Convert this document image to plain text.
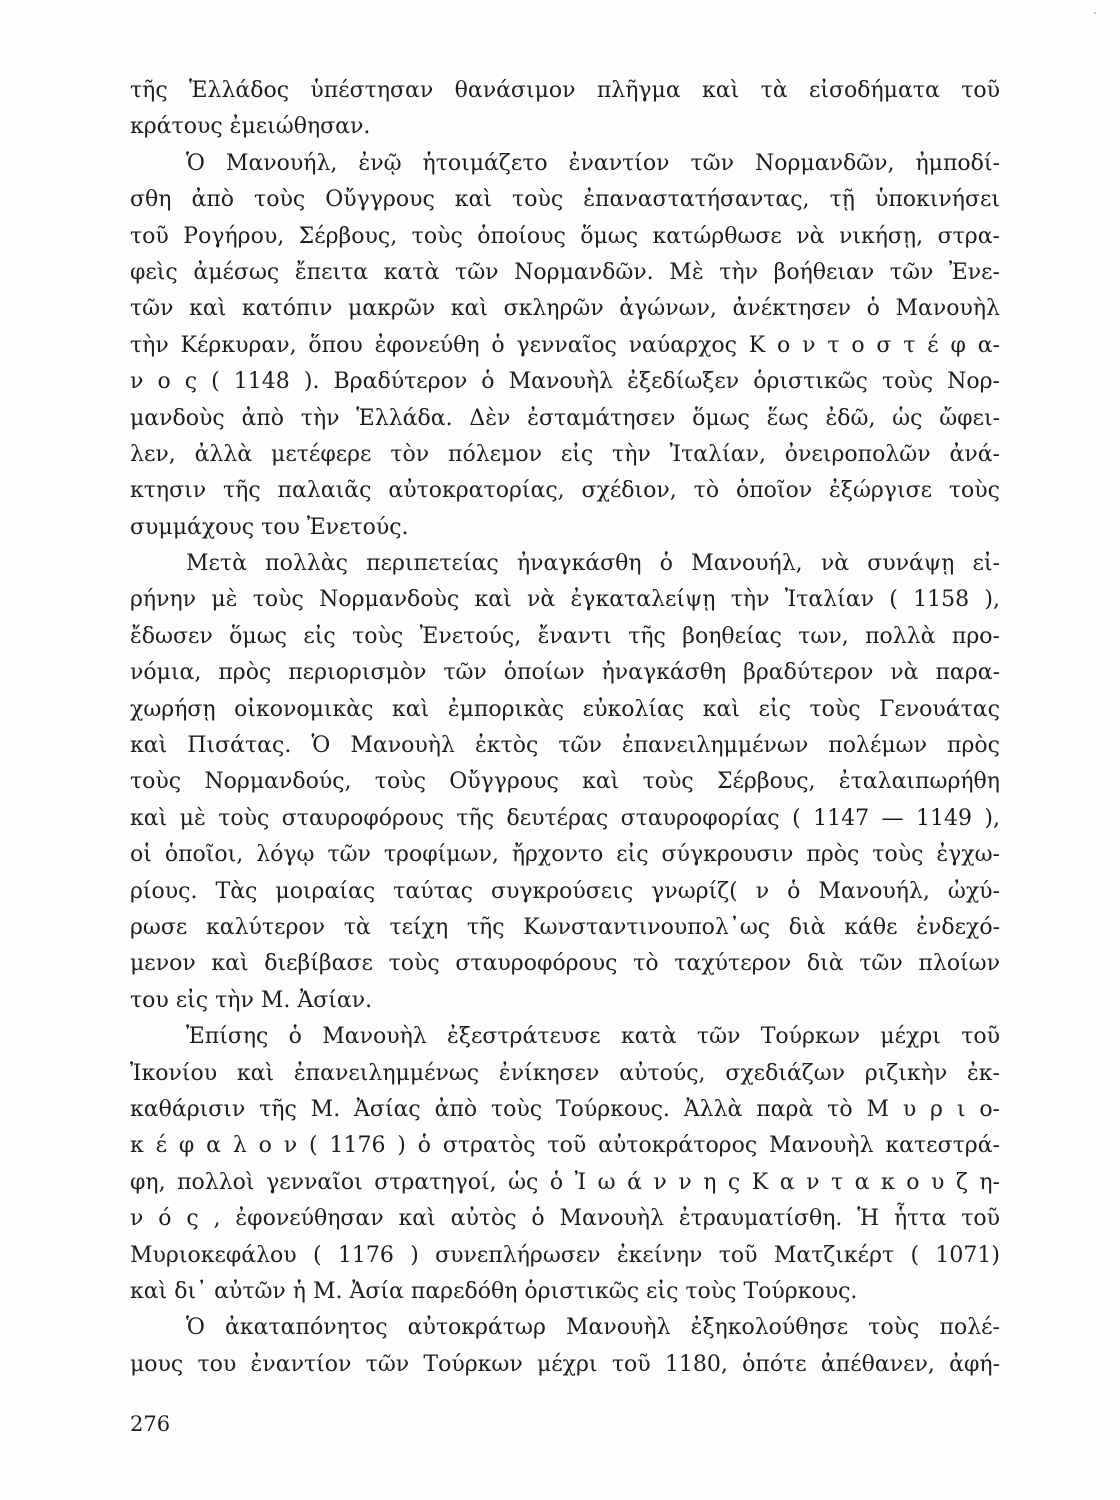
τῆς Ἑλλάδος ὑπέστησαν θανάσιμον πλῆγμα καὶ τὰ εἰσοδήματα τοῦ
κράτους ἐμειώθησαν.
Ὁ Μανουήλ, ἐνῷ ἡτοιμάζετο ἐναντίον τῶν Νορμανδῶν, ἠμποδί-
σθη ἀπὸ τοὺς Οὔγγρους καὶ τοὺς ἐπαναστατήσαντας, τῇ ὑποκινήσει
τοῦ Ρογήρου, Σέρβους, τοὺς ὁποίους ὅμως κατώρθωσε νὰ νικήσῃ, στρα-
φεὶς ἀμέσως ἔπειτα κατὰ τῶν Νορμανδῶν. Μὲ τὴν βοήθειαν τῶν Ἐνε-
τῶν καὶ κατόπιν μακρῶν καὶ σκληρῶν ἀγώνων, ἀνέκτησεν ὁ Μανουὴλ
τὴν Κέρκυραν, ὅπου ἐφονεύθη ὁ γενναῖος ναύαρχος Κ ο ν τ ο σ τ έ φ α-
ν ο ς ( 1148 ). Βραδύτερον ὁ Μανουὴλ ἐξεδίωξεν ὁριστικῶς τοὺς Νορ-
μανδοὺς ἀπὸ τὴν Ἑλλάδα. Δὲν ἐσταμάτησεν ὅμως ἕως ἐδῶ, ὡς ὤφει-
λεν, ἀλλὰ μετέφερε τὸν πόλεμον εἰς τὴν Ἰταλίαν, ὀνειροπολῶν ἀνά-
κτησιν τῆς παλαιᾶς αὐτοκρατορίας, σχέδιον, τὸ ὁποῖον ἐξώργισε τοὺς
συμμάχους του Ἐνετούς.
Μετὰ πολλὰς περιπετείας ἠναγκάσθη ὁ Μανουήλ, νὰ συνάψῃ εἰ-
ρήνην μὲ τοὺς Νορμανδοὺς καὶ νὰ ἐγκαταλείψῃ τὴν Ἰταλίαν ( 1158 ),
ἔδωσεν ὅμως εἰς τοὺς Ἐνετούς, ἔναντι τῆς βοηθείας των, πολλὰ προ-
νόμια, πρὸς περιορισμὸν τῶν ὁποίων ἠναγκάσθη βραδύτερον νὰ παρα-
χωρήσῃ οἰκονομικὰς καὶ ἐμπορικὰς εὐκολίας καὶ εἰς τοὺς Γενουάτας
καὶ Πισάτας. Ὁ Μανουὴλ ἐκτὸς τῶν ἐπανειλημμένων πολέμων πρὸς
τοὺς Νορμανδούς, τοὺς Οὔγγρους καὶ τοὺς Σέρβους, ἐταλαιπωρήθη
καὶ μὲ τοὺς σταυροφόρους τῆς δευτέρας σταυροφορίας ( 1147 — 1149 ),
οἱ ὁποῖοι, λόγῳ τῶν τροφίμων, ἤρχοντο εἰς σύγκρουσιν πρὸς τοὺς ἐγχω-
ρίους. Τὰς μοιραίας ταύτας συγκρούσεις γνωρίζ( ν ὁ Μανουήλ, ὠχύ-
ρωσε καλύτερον τὰ τείχη τῆς Κωνσταντινουπολ᾽ως διὰ κάθε ἐνδεχό-
μενον καὶ διεβίβασε τοὺς σταυροφόρους τὸ ταχύτερον διὰ τῶν πλοίων
του εἰς τὴν Μ. Ἀσίαν.
Ἐπίσης ὁ Μανουὴλ ἐξεστράτευσε κατὰ τῶν Τούρκων μέχρι τοῦ
Ἰκονίου καὶ ἐπανειλημμένως ἐνίκησεν αὐτούς, σχεδιάζων ριζικὴν ἐκ-
καθάρισιν τῆς Μ. Ἀσίας ἀπὸ τοὺς Τούρκους. Ἀλλὰ παρὰ τὸ Μ υ ρ ι ο-
κ έ φ α λ ο ν ( 1176 ) ὁ στρατὸς τοῦ αὐτοκράτορος Μανουὴλ κατεστρά-
φη, πολλοὶ γενναῖοι στρατηγοί, ὡς ὁ Ἰ ω ά ν ν η ς Κ α ν τ α κ ο υ ζ η-
ν ό ς , ἐφονεύθησαν καὶ αὐτὸς ὁ Μανουὴλ ἐτραυματίσθη. Ἡ ἧττα τοῦ
Μυριοκεφάλου ( 1176 ) συνεπλήρωσεν ἐκείνην τοῦ Ματζικέρτ ( 1071)
καὶ δι᾽ αὐτῶν ἡ Μ. Ἀσία παρεδόθη ὁριστικῶς εἰς τοὺς Τούρκους.
Ὁ ἀκαταπόνητος αὐτοκράτωρ Μανουὴλ ἐξηκολούθησε τοὺς πολέ-
μους του ἐναντίον τῶν Τούρκων μέχρι τοῦ 1180, ὁπότε ἀπέθανεν, ἀφή-
276
